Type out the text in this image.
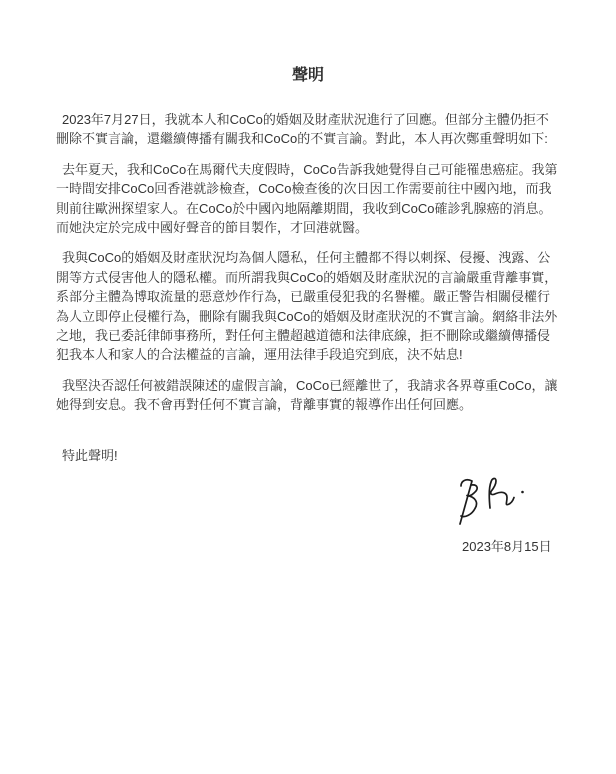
聲明

2023年7月27日，我就本人和CoCo的婚姻及財產狀況進行了回應。但部分主體仍拒不刪除不實言論，還繼續傳播有關我和CoCo的不實言論。對此，本人再次鄭重聲明如下:

去年夏天，我和CoCo在馬爾代夫度假時，CoCo告訴我她覺得自己可能罹患癌症。我第一時間安排CoCo回香港就診檢查，CoCo檢查後的次日因工作需要前往中國內地，而我則前往歐洲探望家人。在CoCo於中國內地隔離期間，我收到CoCo確診乳腺癌的消息。而她決定於完成中國好聲音的節目製作，才回港就醫。

我與CoCo的婚姻及財產狀況均為個人隱私，任何主體都不得以刺探、侵擾、洩露、公開等方式侵害他人的隱私權。而所謂我與CoCo的婚姻及財產狀況的言論嚴重背離事實，系部分主體為博取流量的惡意炒作行為，已嚴重侵犯我的名譽權。嚴正警告相關侵權行為人立即停止侵權行為，刪除有關我與CoCo的婚姻及財產狀況的不實言論。網絡非法外之地，我已委託律師事務所，對任何主體超越道德和法律底線，拒不刪除或繼續傳播侵犯我本人和家人的合法權益的言論，運用法律手段追究到底，決不姑息!

我堅決否認任何被錯誤陳述的虛假言論，CoCo已經離世了，我請求各界尊重CoCo，讓她得到安息。我不會再對任何不實言論，背離事實的報導作出任何回應。

特此聲明!

2023年8月15日
